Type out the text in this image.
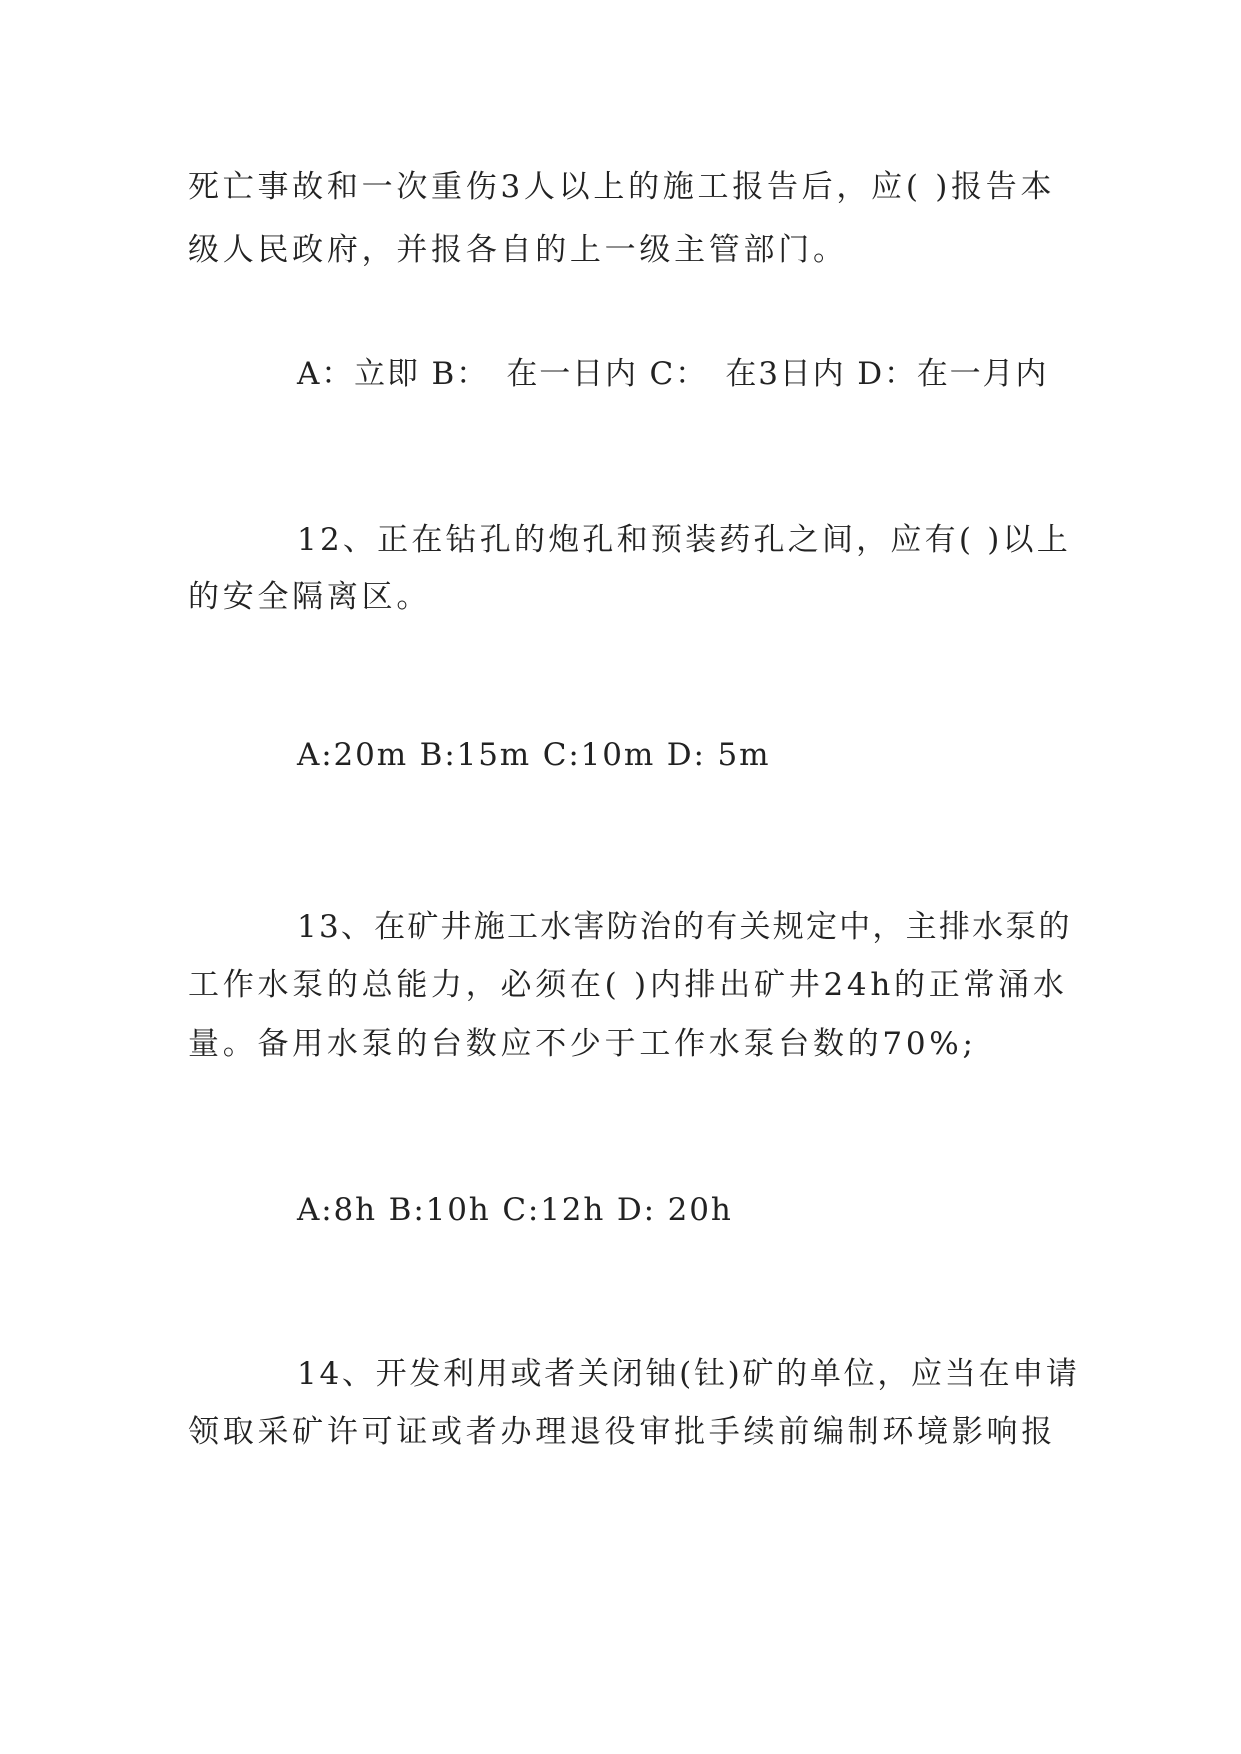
死亡事故和一次重伤3人以上的施工报告后，应( )报告本
级人民政府，并报各自的上一级主管部门。
A：立即 B：　在一日内 C：　在3日内 D：在一月内
12、正在钻孔的炮孔和预装药孔之间，应有( )以上
的安全隔离区。
A:20m B:15m C:10m D: 5m
13、在矿井施工水害防治的有关规定中，主排水泵的
工作水泵的总能力，必须在( )内排出矿井24h的正常涌水
量。备用水泵的台数应不少于工作水泵台数的70%;
A:8h B:10h C:12h D: 20h
14、开发利用或者关闭铀(钍)矿的单位，应当在申请
领取采矿许可证或者办理退役审批手续前编制环境影响报
